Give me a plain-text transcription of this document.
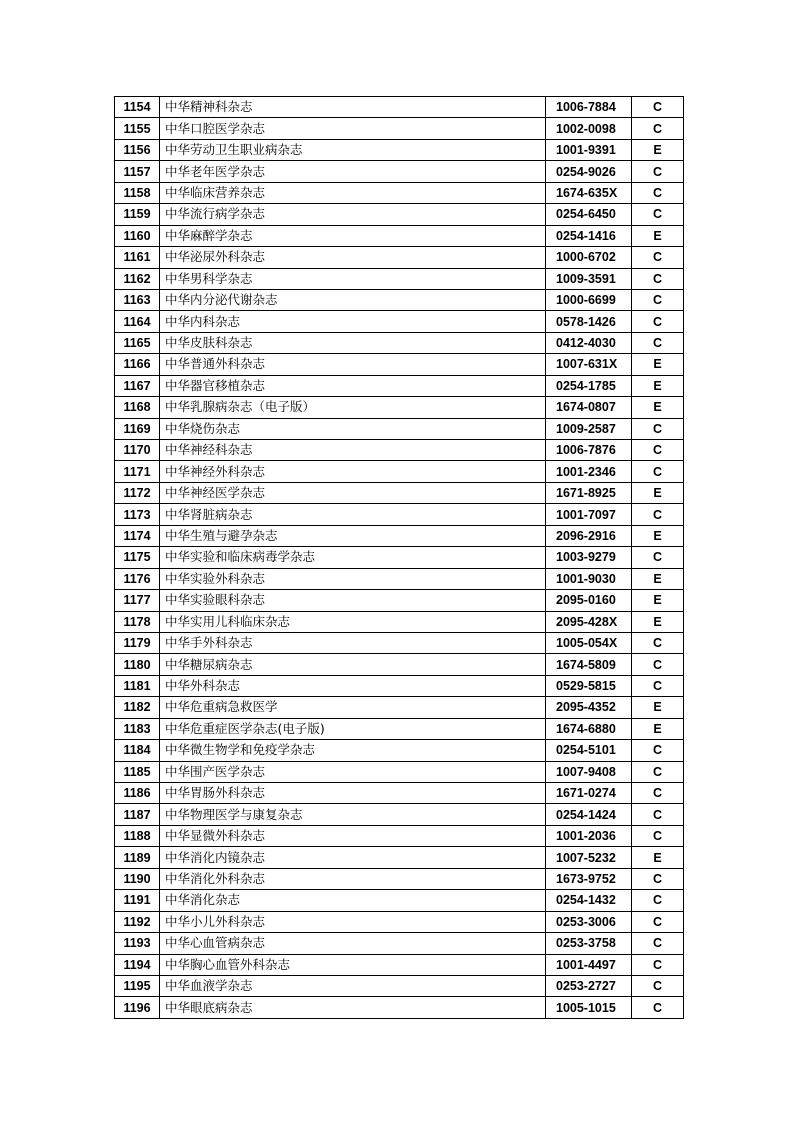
1154	中华精神科杂志	1006-7884	C
1155	中华口腔医学杂志	1002-0098	C
1156	中华劳动卫生职业病杂志	1001-9391	E
1157	中华老年医学杂志	0254-9026	C
1158	中华临床营养杂志	1674-635X	C
1159	中华流行病学杂志	0254-6450	C
1160	中华麻醉学杂志	0254-1416	E
1161	中华泌尿外科杂志	1000-6702	C
1162	中华男科学杂志	1009-3591	C
1163	中华内分泌代谢杂志	1000-6699	C
1164	中华内科杂志	0578-1426	C
1165	中华皮肤科杂志	0412-4030	C
1166	中华普通外科杂志	1007-631X	E
1167	中华器官移植杂志	0254-1785	E
1168	中华乳腺病杂志（电子版）	1674-0807	E
1169	中华烧伤杂志	1009-2587	C
1170	中华神经科杂志	1006-7876	C
1171	中华神经外科杂志	1001-2346	C
1172	中华神经医学杂志	1671-8925	E
1173	中华肾脏病杂志	1001-7097	C
1174	中华生殖与避孕杂志	2096-2916	E
1175	中华实验和临床病毒学杂志	1003-9279	C
1176	中华实验外科杂志	1001-9030	E
1177	中华实验眼科杂志	2095-0160	E
1178	中华实用儿科临床杂志	2095-428X	E
1179	中华手外科杂志	1005-054X	C
1180	中华糖尿病杂志	1674-5809	C
1181	中华外科杂志	0529-5815	C
1182	中华危重病急救医学	2095-4352	E
1183	中华危重症医学杂志(电子版)	1674-6880	E
1184	中华微生物学和免疫学杂志	0254-5101	C
1185	中华围产医学杂志	1007-9408	C
1186	中华胃肠外科杂志	1671-0274	C
1187	中华物理医学与康复杂志	0254-1424	C
1188	中华显微外科杂志	1001-2036	C
1189	中华消化内镜杂志	1007-5232	E
1190	中华消化外科杂志	1673-9752	C
1191	中华消化杂志	0254-1432	C
1192	中华小儿外科杂志	0253-3006	C
1193	中华心血管病杂志	0253-3758	C
1194	中华胸心血管外科杂志	1001-4497	C
1195	中华血液学杂志	0253-2727	C
1196	中华眼底病杂志	1005-1015	C
